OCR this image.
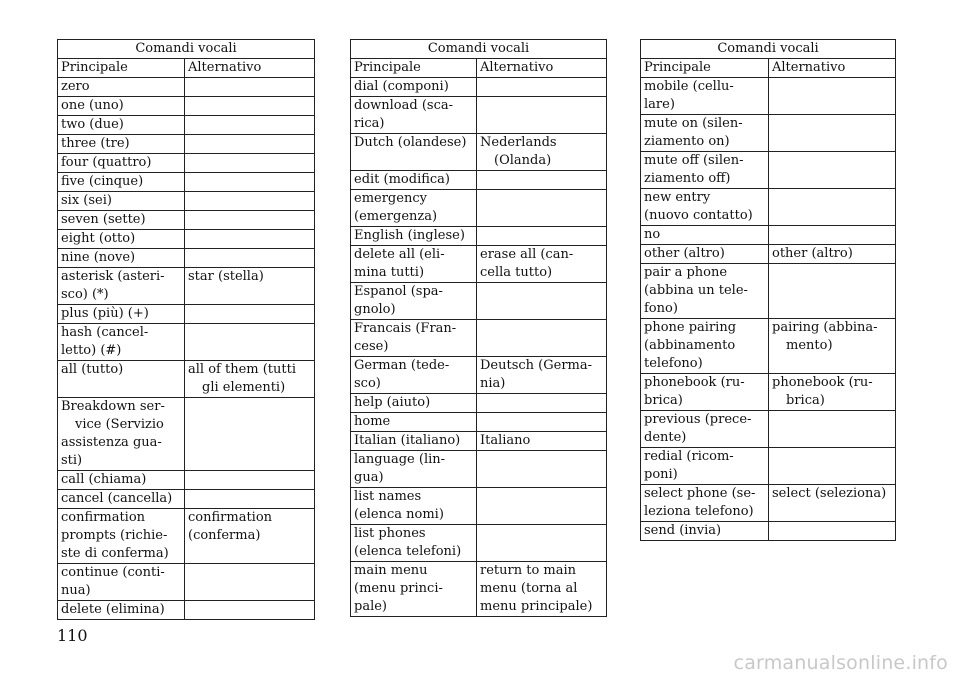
Comandi vocali	
Principale	Alternativo

zero	

one (uno)	

two (due)	

three (tre)	

four (quattro)	

five (cinque)	

six (sei)	

seven (sette)	

eight (otto)	

nine (nove)	

asterisk (asteri-
sco) (*)	star (stella)

plus (più) (+)	

hash (cancel-
letto) (#)	

all (tutto)	all of them (tutti
gli elementi)

Breakdown ser-
vice (Servizio
assistenza gua-
sti)	

call (chiama)	

cancel (cancella)	

confirmation
prompts (richie-
ste di conferma)	confirmation
(conferma)

continue (conti-
nua)	

delete (elimina)	

Comandi vocali	
Principale	Alternativo

dial (componi)	

download (sca-
rica)	

Dutch (olandese)	Nederlands
(Olanda)

edit (modifica)	

emergency
(emergenza)	

English (inglese)	

delete all (eli-
mina tutti)	erase all (can-
cella tutto)

Espanol (spa-
gnolo)	

Francais (Fran-
cese)	

German (tede-
sco)	Deutsch (Germa-
nia)

help (aiuto)	

home	

Italian (italiano)	Italiano

language (lin-
gua)	

list names
(elenca nomi)	

list phones
(elenca telefoni)	

main menu
(menu princi-
pale)	return to main
menu (torna al
menu principale)
Comandi vocali	
Principale	Alternativo

mobile (cellu-
lare)	

mute on (silen-
ziamento on)	

mute off (silen-
ziamento off)	

new entry
(nuovo contatto)	

no	

other (altro)	other (altro)

pair a phone
(abbina un tele-
fono)	

phone pairing
(abbinamento
telefono)	pairing (abbina-
mento)

phonebook (ru-
brica)	phonebook (ru-
brica)

previous (prece-
dente)	

redial (ricom-
poni)	

select phone (se-
leziona telefono)	select (seleziona)

send (invia)	

110
carmanualsonline.info
